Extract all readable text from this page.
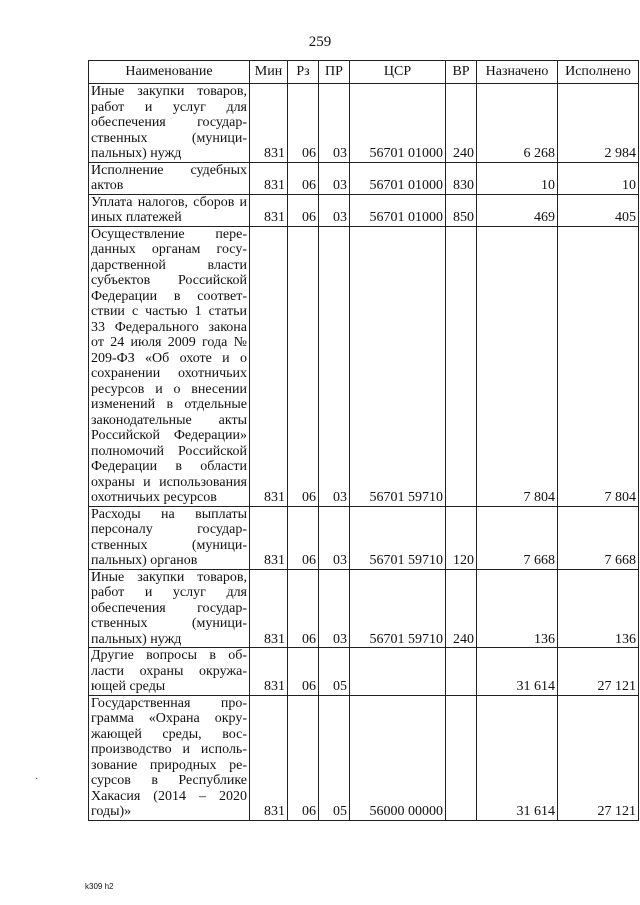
259
Наименование	Мин	Рз	ПР	ЦСР	ВР	Назначено	Исполнено
Иные закупки товаров, работ и услуг для обеспечения государственных (муниципальных) нужд	831	06	03	56701 01000	240	6 268	2 984
Исполнение судебных актов	831	06	03	56701 01000	830	10	10
Уплата налогов, сборов и иных платежей	831	06	03	56701 01000	850	469	405
Осуществление переданных органам государственной власти субъектов Российской Федерации в соответствии с частью 1 статьи 33 Федерального закона от 24 июля 2009 года № 209-ФЗ «Об охоте и о сохранении охотничьих ресурсов и о внесении изменений в отдельные законодательные акты Российской Федерации» полномочий Российской Федерации в области охраны и использования охотничьих ресурсов	831	06	03	56701 59710		7 804	7 804
Расходы на выплаты персоналу государственных (муниципальных) органов	831	06	03	56701 59710	120	7 668	7 668
Иные закупки товаров, работ и услуг для обеспечения государственных (муниципальных) нужд	831	06	03	56701 59710	240	136	136
Другие вопросы в области охраны окружающей среды	831	06	05			31 614	27 121
Государственная программа «Охрана окружающей среды, воспроизводство и использование природных ресурсов в Республике Хакасия (2014 – 2020 годы)»	831	06	05	56000 00000		31 614	27 121
·
k309 h2
